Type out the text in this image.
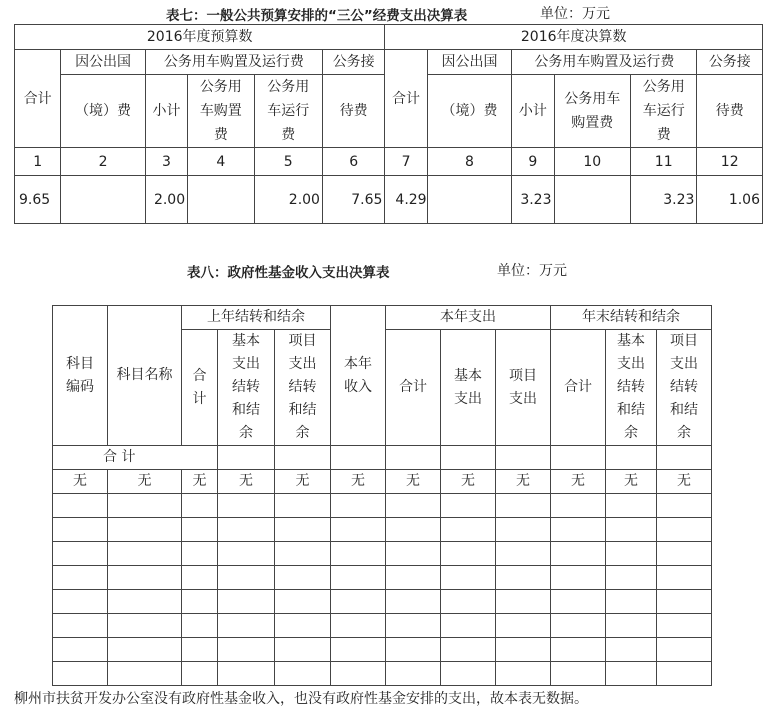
表七：一般公共预算安排的“三公”经费支出决算表	单位：万元
2016年度预算数						2016年度决算数					
合计	因公出国	公务用车购置及运行费			公务接	合计	因公出国	公务用车购置及运行费			公务接
	（境）费	小计	公务用车购置费	公务用车运行费	待费		（境）费	小计	公务用车购置费	公务用车运行费	待费
1	2	3	4	5	6	7	8	9	10	11	12
9.65		2.00		2.00	7.65	4.29		3.23		3.23	1.06
表八：政府性基金收入支出决算表	单位：万元
科目编码	科目名称	上年结转和结余			本年收入	本年支出			年末结转和结余		
		合计	基本支出结转和结余	项目支出结转和结余		合计	基本支出	项目支出	合计	基本支出结转和结余	项目支出结转和结余
合 计											
无	无	无	无	无	无	无	无	无	无	无	无

柳州市扶贫开发办公室没有政府性基金收入，也没有政府性基金安排的支出，故本表无数据。
